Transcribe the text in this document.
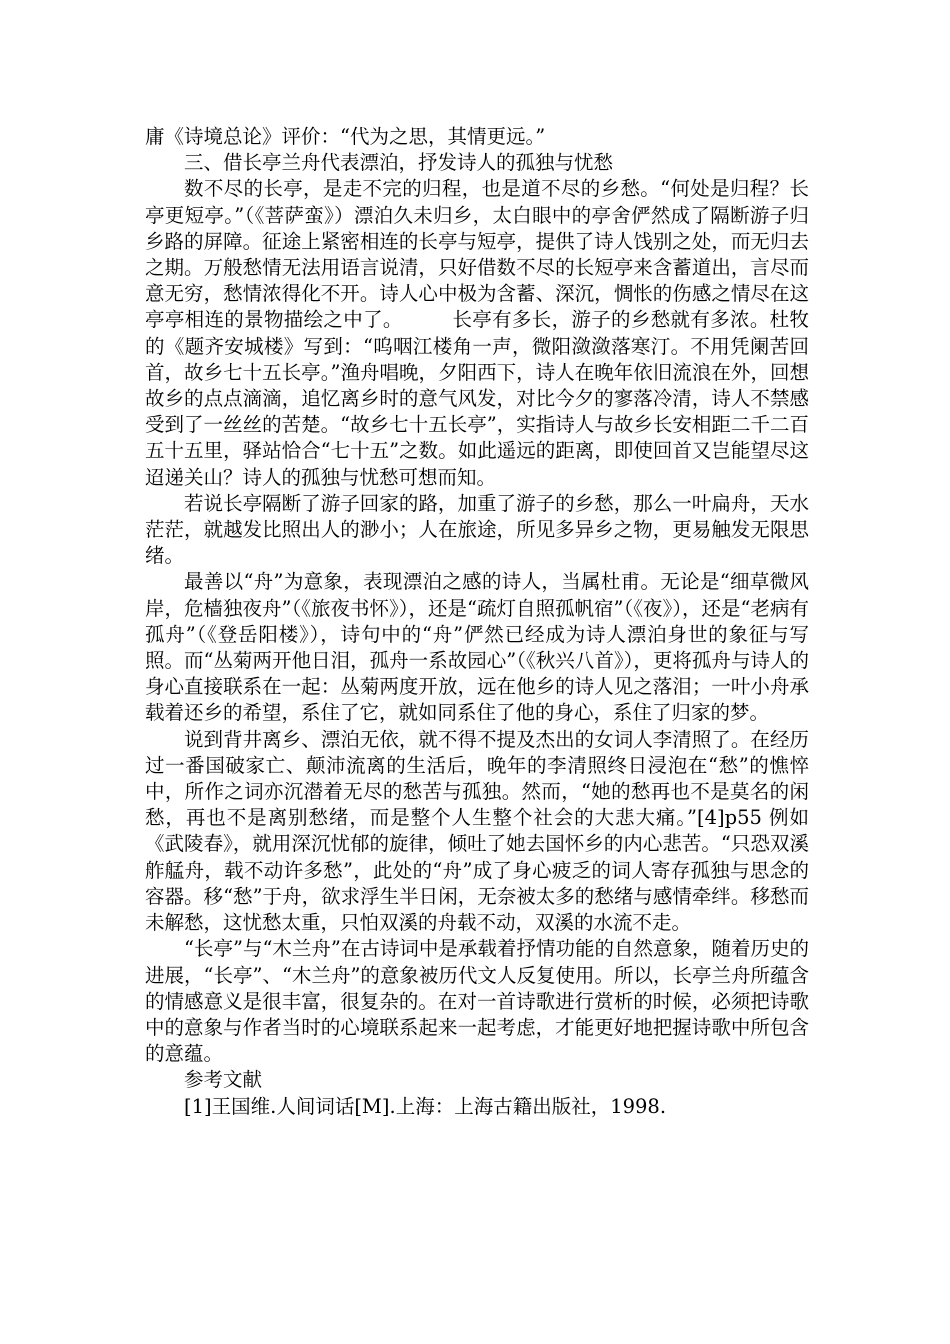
庸《诗境总论》评价：“代为之思，其情更远。”

三、借长亭兰舟代表漂泊，抒发诗人的孤独与忧愁

数不尽的长亭，是走不完的归程，也是道不尽的乡愁。“何处是归程？长亭更短亭。”（《菩萨蛮》）漂泊久未归乡，太白眼中的亭舍俨然成了隔断游子归乡路的屏障。征途上紧密相连的长亭与短亭，提供了诗人饯别之处，而无归去之期。万般愁情无法用语言说清，只好借数不尽的长短亭来含蓄道出，言尽而意无穷，愁情浓得化不开。诗人心中极为含蓄、深沉，惆怅的伤感之情尽在这亭亭相连的景物描绘之中了。　　　长亭有多长，游子的乡愁就有多浓。杜牧的《题齐安城楼》写到：“呜咽江楼角一声，微阳潋潋落寒汀。不用凭阑苦回首，故乡七十五长亭。”渔舟唱晚，夕阳西下，诗人在晚年依旧流浪在外，回想故乡的点点滴滴，追忆离乡时的意气风发，对比今夕的寥落冷清，诗人不禁感受到了一丝丝的苦楚。“故乡七十五长亭”，实指诗人与故乡长安相距二千二百五十五里，驿站恰合“七十五”之数。如此遥远的距离，即使回首又岂能望尽这迢递关山？诗人的孤独与忧愁可想而知。

若说长亭隔断了游子回家的路，加重了游子的乡愁，那么一叶扁舟，天水茫茫，就越发比照出人的渺小；人在旅途，所见多异乡之物，更易触发无限思绪。

最善以“舟”为意象，表现漂泊之感的诗人，当属杜甫。无论是“细草微风岸，危樯独夜舟”（《旅夜书怀》），还是“疏灯自照孤帆宿”（《夜》），还是“老病有孤舟”（《登岳阳楼》），诗句中的“舟”俨然已经成为诗人漂泊身世的象征与写照。而“丛菊两开他日泪，孤舟一系故园心”（《秋兴八首》），更将孤舟与诗人的身心直接联系在一起：丛菊两度开放，远在他乡的诗人见之落泪；一叶小舟承载着还乡的希望，系住了它，就如同系住了他的身心，系住了归家的梦。

说到背井离乡、漂泊无依，就不得不提及杰出的女词人李清照了。在经历过一番国破家亡、颠沛流离的生活后，晚年的李清照终日浸泡在“愁”的憔悴中，所作之词亦沉潜着无尽的愁苦与孤独。然而，“她的愁再也不是莫名的闲愁，再也不是离别愁绪，而是整个人生整个社会的大悲大痛。”[4]p55 例如《武陵春》，就用深沉忧郁的旋律，倾吐了她去国怀乡的内心悲苦。“只恐双溪舴艋舟，载不动许多愁”，此处的“舟”成了身心疲乏的词人寄存孤独与思念的容器。移“愁”于舟，欲求浮生半日闲，无奈被太多的愁绪与感情牵绊。移愁而未解愁，这忧愁太重，只怕双溪的舟载不动，双溪的水流不走。

“长亭”与“木兰舟”在古诗词中是承载着抒情功能的自然意象，随着历史的进展，“长亭”、“木兰舟”的意象被历代文人反复使用。所以，长亭兰舟所蕴含的情感意义是很丰富，很复杂的。在对一首诗歌进行赏析的时候，必须把诗歌中的意象与作者当时的心境联系起来一起考虑，才能更好地把握诗歌中所包含的意蕴。

参考文献

[1]王国维.人间词话[M].上海：上海古籍出版社，1998.
